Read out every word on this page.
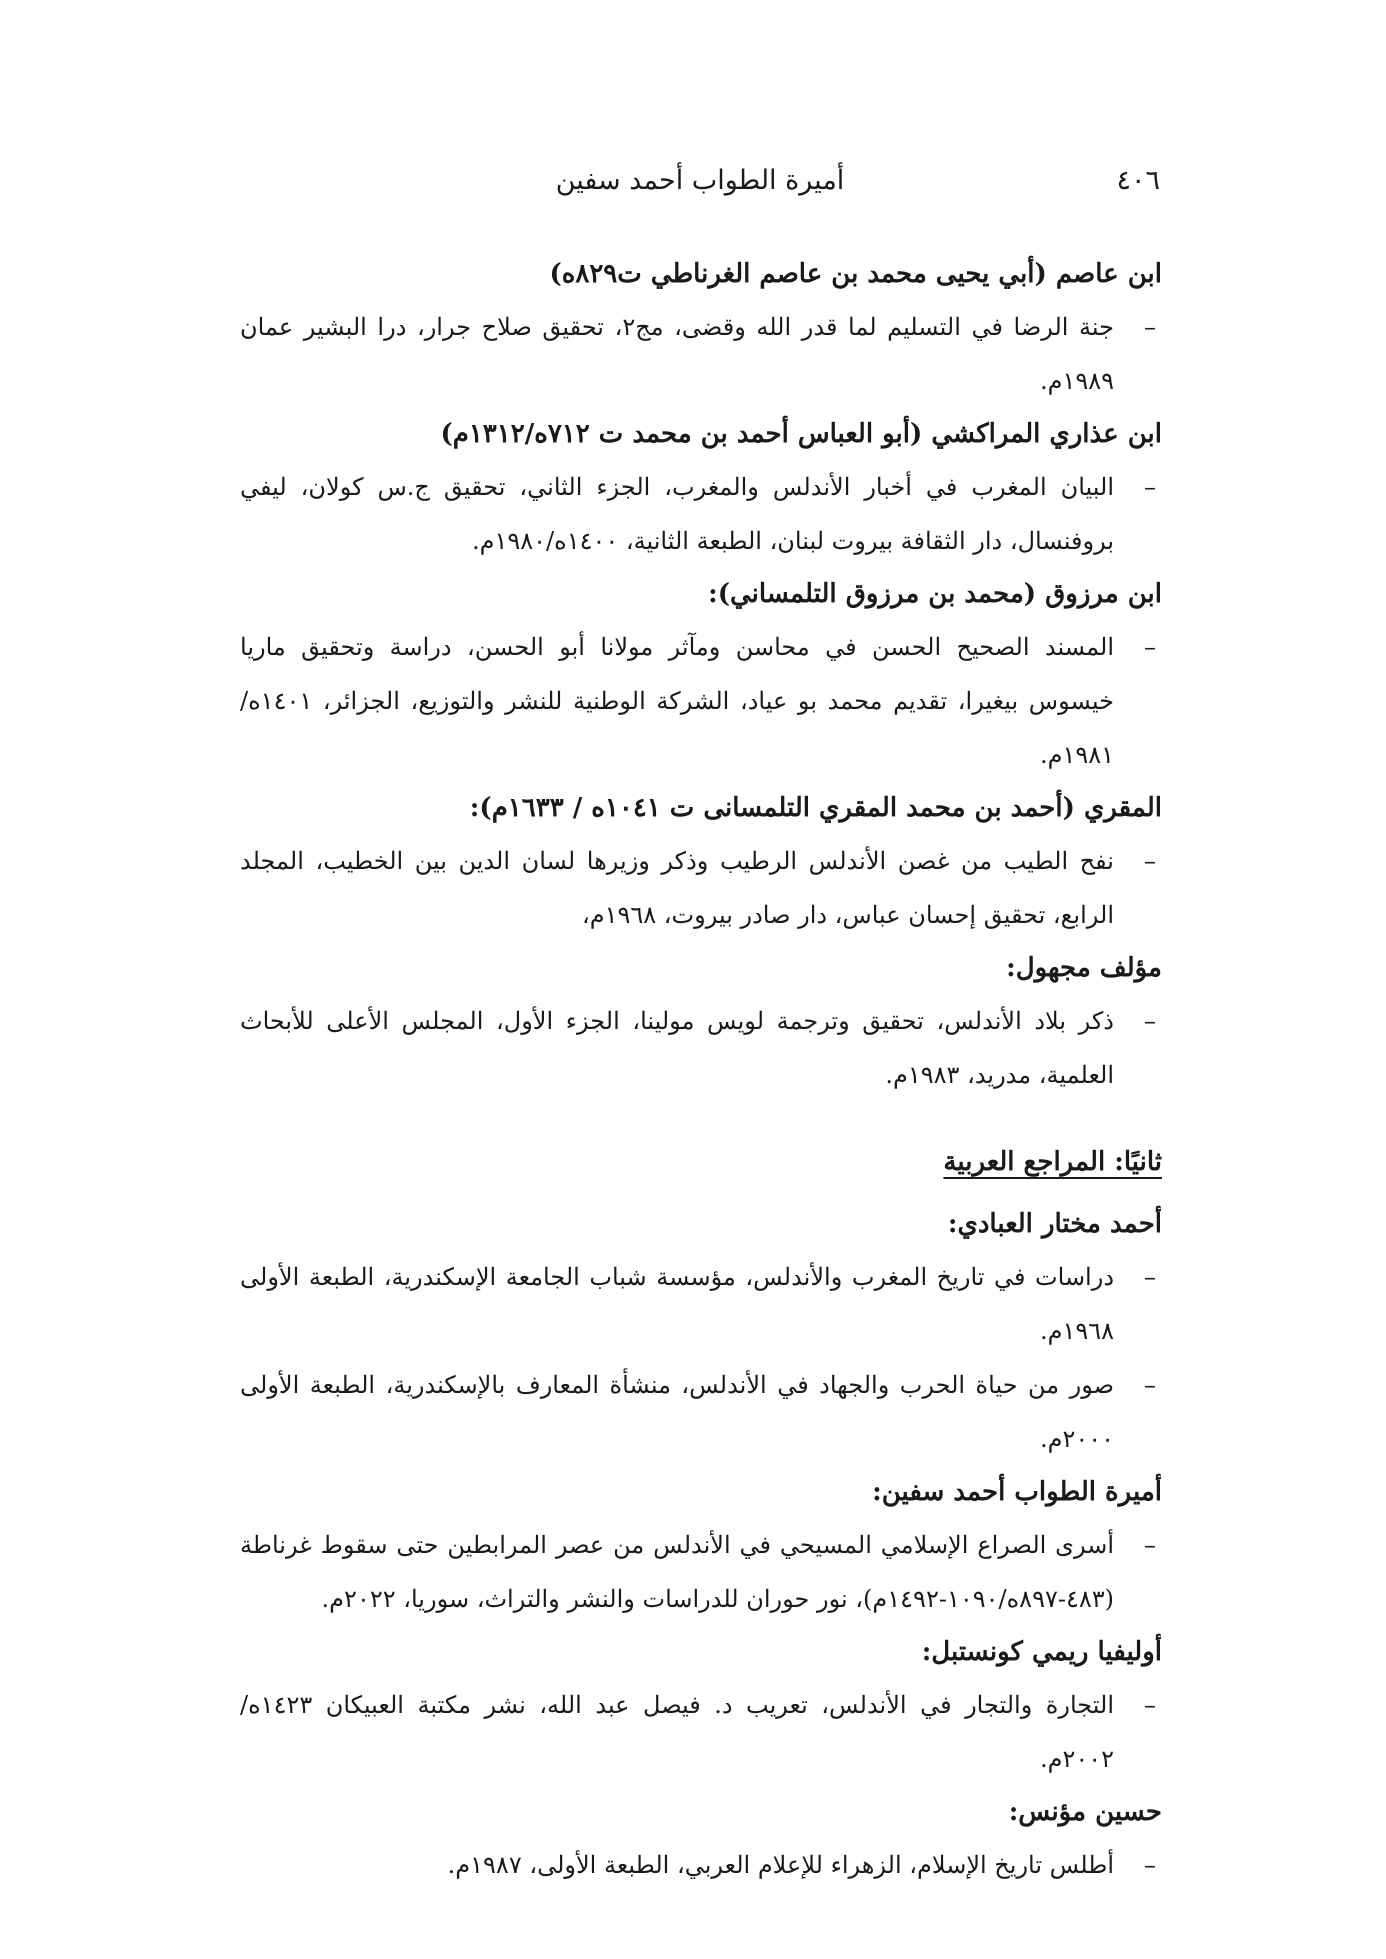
٤٠٦
أميرة الطواب أحمد سفين
ابن عاصم (أبي يحيى محمد بن عاصم الغرناطي ت٨٢٩ه)
–
جنة الرضا في التسليم لما قدر الله وقضى، مج٢، تحقيق صلاح جرار، درا البشير عمان ١٩٨٩م.
ابن عذاري المراكشي (أبو العباس أحمد بن محمد ت ٧١٢ه/١٣١٢م)
–
البيان المغرب في أخبار الأندلس والمغرب، الجزء الثاني، تحقيق ج.س كولان، ليفي بروفنسال، دار الثقافة بيروت لبنان، الطبعة الثانية، ١٤٠٠ه/١٩٨٠م.
ابن مرزوق (محمد بن مرزوق التلمساني):
–
المسند الصحيح الحسن في محاسن ومآثر مولانا أبو الحسن، دراسة وتحقيق ماريا خيسوس بيغيرا، تقديم محمد بو عياد، الشركة الوطنية للنشر والتوزيع، الجزائر، ١٤٠١ه/١٩٨١م.
المقري (أحمد بن محمد المقري التلمسانى ت ١٠٤١ه / ١٦٣٣م):
–
نفح الطيب من غصن الأندلس الرطيب وذكر وزيرها لسان الدين بين الخطيب، المجلد الرابع، تحقيق إحسان عباس، دار صادر بيروت، ١٩٦٨م،
مؤلف مجهول:
–
ذكر بلاد الأندلس، تحقيق وترجمة لويس مولينا، الجزء الأول، المجلس الأعلى للأبحاث العلمية، مدريد، ١٩٨٣م.
ثانيًا: المراجع العربية
أحمد مختار العبادي:
–
دراسات في تاريخ المغرب والأندلس، مؤسسة شباب الجامعة الإسكندرية، الطبعة الأولى ١٩٦٨م.
–
صور من حياة الحرب والجهاد في الأندلس، منشأة المعارف بالإسكندرية، الطبعة الأولى ٢٠٠٠م.
أميرة الطواب أحمد سفين:
–
أسرى الصراع الإسلامي المسيحي في الأندلس من عصر المرابطين حتى سقوط غرناطة (٤٨٣-٨٩٧ه/١٠٩٠-١٤٩٢م)، نور حوران للدراسات والنشر والتراث، سوريا، ٢٠٢٢م.
أوليفيا ريمي كونستبل:
–
التجارة والتجار في الأندلس، تعريب د. فيصل عبد الله، نشر مكتبة العبيكان ١٤٢٣ه/٢٠٠٢م.
حسين مؤنس:
–
أطلس تاريخ الإسلام، الزهراء للإعلام العربي، الطبعة الأولى، ١٩٨٧م.
